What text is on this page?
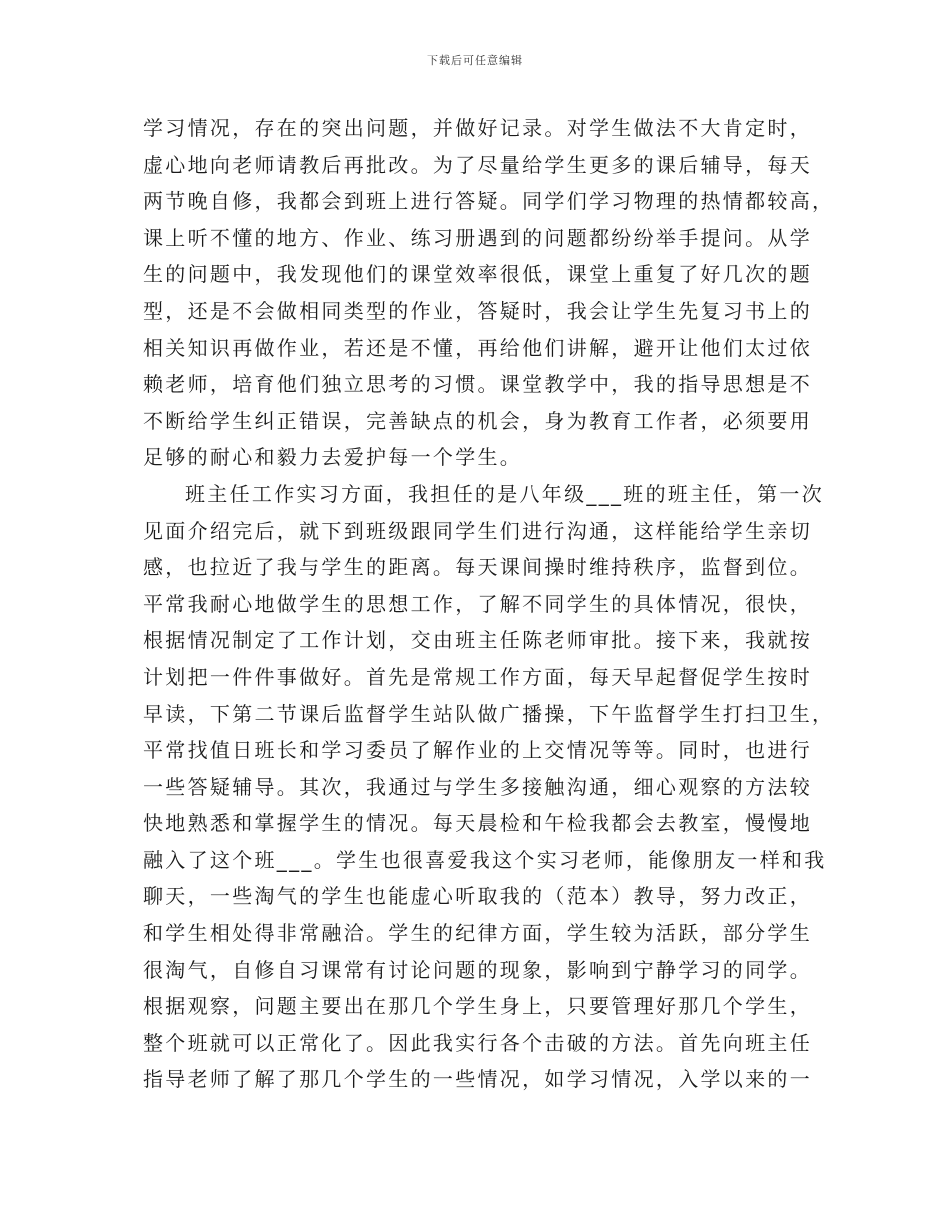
下载后可任意编辑
学习情况，存在的突出问题，并做好记录。对学生做法不大肯定时，
虚心地向老师请教后再批改。为了尽量给学生更多的课后辅导，每天
两节晚自修，我都会到班上进行答疑。同学们学习物理的热情都较高，
课上听不懂的地方、作业、练习册遇到的问题都纷纷举手提问。从学
生的问题中，我发现他们的课堂效率很低，课堂上重复了好几次的题
型，还是不会做相同类型的作业，答疑时，我会让学生先复习书上的
相关知识再做作业，若还是不懂，再给他们讲解，避开让他们太过依
赖老师，培育他们独立思考的习惯。课堂教学中，我的指导思想是不
不断给学生纠正错误，完善缺点的机会，身为教育工作者，必须要用
足够的耐心和毅力去爱护每一个学生。
班主任工作实习方面，我担任的是八年级___班的班主任，第一次
见面介绍完后，就下到班级跟同学生们进行沟通，这样能给学生亲切
感，也拉近了我与学生的距离。每天课间操时维持秩序，监督到位。
平常我耐心地做学生的思想工作，了解不同学生的具体情况，很快，
根据情况制定了工作计划，交由班主任陈老师审批。接下来，我就按
计划把一件件事做好。首先是常规工作方面，每天早起督促学生按时
早读，下第二节课后监督学生站队做广播操，下午监督学生打扫卫生，
平常找值日班长和学习委员了解作业的上交情况等等。同时，也进行
一些答疑辅导。其次，我通过与学生多接触沟通，细心观察的方法较
快地熟悉和掌握学生的情况。每天晨检和午检我都会去教室，慢慢地
融入了这个班___。学生也很喜爱我这个实习老师，能像朋友一样和我
聊天，一些淘气的学生也能虚心听取我的（范本）教导，努力改正，
和学生相处得非常融洽。学生的纪律方面，学生较为活跃，部分学生
很淘气，自修自习课常有讨论问题的现象，影响到宁静学习的同学。
根据观察，问题主要出在那几个学生身上，只要管理好那几个学生，
整个班就可以正常化了。因此我实行各个击破的方法。首先向班主任
指导老师了解了那几个学生的一些情况，如学习情况，入学以来的一
